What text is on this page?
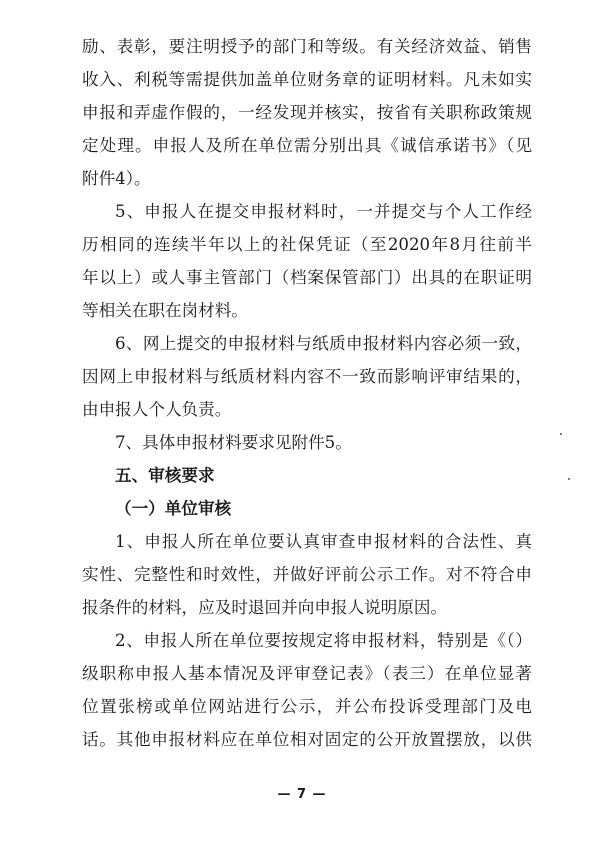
励、表彰，要注明授予的部门和等级。有关经济效益、销售
收入、利税等需提供加盖单位财务章的证明材料。凡未如实
申报和弄虚作假的，一经发现并核实，按省有关职称政策规
定处理。申报人及所在单位需分别出具《诚信承诺书》（见
附件4）。
5、申报人在提交申报材料时，一并提交与个人工作经
历相同的连续半年以上的社保凭证（至2020年8月往前半
年以上）或人事主管部门（档案保管部门）出具的在职证明
等相关在职在岗材料。
6、网上提交的申报材料与纸质申报材料内容必须一致，
因网上申报材料与纸质材料内容不一致而影响评审结果的，
由申报人个人负责。
7、具体申报材料要求见附件5。
五、审核要求
（一）单位审核
1、申报人所在单位要认真审查申报材料的合法性、真
实性、完整性和时效性，并做好评前公示工作。对不符合申
报条件的材料，应及时退回并向申报人说明原因。
2、申报人所在单位要按规定将申报材料，特别是《（）
级职称申报人基本情况及评审登记表》（表三）在单位显著
位置张榜或单位网站进行公示，并公布投诉受理部门及电
话。其他申报材料应在单位相对固定的公开放置摆放，以供
— 7 —
